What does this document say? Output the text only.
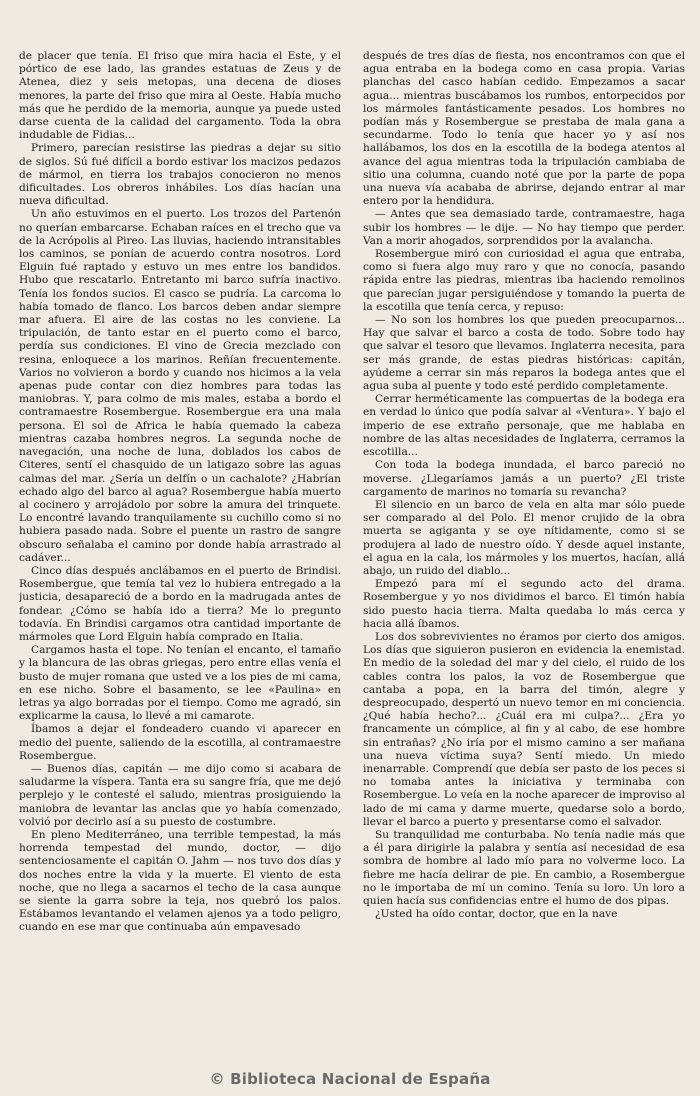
de placer que tenía. El friso que mira hacia el Este, y el pórtico de ese lado, las grandes estatuas de Zeus y de Atenea, diez y seis metopas, una decena de dioses menores, la parte del friso que mira al Oeste. Había mucho más que he perdido de la memoria, aunque ya puede usted darse cuenta de la calidad del cargamento. Toda la obra indudable de Fidias...

Primero, parecían resistirse las piedras a dejar su sitio de siglos. Sú fué difícil a bordo estivar los macizos pedazos de mármol, en tierra los trabajos conocieron no menos dificultades. Los obreros inhábiles. Los días hacían una nueva dificultad.

Un año estuvimos en el puerto. Los trozos del Partenón no querían embarcarse. Echaban raíces en el trecho que va de la Acrópolis al Pireo. Las lluvias, haciendo intransitables los caminos, se ponían de acuerdo contra nosotros. Lord Elguin fué raptado y estuvo un mes entre los bandidos. Hubo que rescatarlo. Entretanto mi barco sufría inactivo. Tenía los fondos sucios. El casco se pudría. La carcoma lo había tomado de flanco. Los barcos deben andar siempre mar afuera. El aire de las costas no les conviene. La tripulación, de tanto estar en el puerto como el barco, perdía sus condiciones. El vino de Grecia mezclado con resina, enloquece a los marinos. Reñían frecuentemente. Varios no volvieron a bordo y cuando nos hicimos a la vela apenas pude contar con diez hombres para todas las maniobras. Y, para colmo de mis males, estaba a bordo el contramaestre Rosembergue. Rosembergue era una mala persona. El sol de Africa le había quemado la cabeza mientras cazaba hombres negros. La segunda noche de navegación, una noche de luna, doblados los cabos de Citeres, sentí el chasquido de un latigazo sobre las aguas calmas del mar. ¿Sería un delfín o un cachalote? ¿Habrían echado algo del barco al agua? Rosembergue había muerto al cocinero y arrojádolo por sobre la amura del trinquete. Lo encontré lavando tranquilamente su cuchillo como si no hubiera pasado nada. Sobre el puente un rastro de sangre obscuro señalaba el camino por donde había arrastrado al cadáver...

Cinco días después anclábamos en el puerto de Brindisi. Rosembergue, que temía tal vez lo hubiera entregado a la justicia, desapareció de a bordo en la madrugada antes de fondear. ¿Cómo se había ido a tierra? Me lo pregunto todavía. En Brindisi cargamos otra cantidad importante de mármoles que Lord Elguin había comprado en Italia.

Cargamos hasta el tope. No tenían el encanto, el tamaño y la blancura de las obras griegas, pero entre ellas venía el busto de mujer romana que usted ve a los pies de mi cama, en ese nicho. Sobre el basamento, se lee «Paulina» en letras ya algo borradas por el tiempo. Como me agradó, sin explicarme la causa, lo llevé a mi camarote.

Íbamos a dejar el fondeadero cuando vi aparecer en medio del puente, saliendo de la escotilla, al contramaestre Rosembergue.

— Buenos días, capitán — me dijo como si acabara de saludarme la víspera. Tanta era su sangre fría, que me dejó perplejo y le contesté el saludo, mientras prosiguiendo la maniobra de levantar las anclas que yo había comenzado, volvió por decirlo así a su puesto de costumbre.

En pleno Mediterráneo, una terrible tempestad, la más horrenda tempestad del mundo, doctor, — dijo sentenciosamente el capitán O. Jahm — nos tuvo dos días y dos noches entre la vida y la muerte. El viento de esta noche, que no llega a sacarnos el techo de la casa aunque se siente la garra sobre la teja, nos quebró los palos. Estábamos levantando el velamen ajenos ya a todo peligro, cuando en ese mar que continuaba aún empavesado

después de tres días de fiesta, nos encontramos con que el agua entraba en la bodega como en casa propia. Varias planchas del casco habían cedido. Empezamos a sacar agua... mientras buscábamos los rumbos, entorpecidos por los mármoles fantásticamente pesados. Los hombres no podían más y Rosembergue se prestaba de mala gana a secundarme. Todo lo tenía que hacer yo y así nos hallábamos, los dos en la escotilla de la bodega atentos al avance del agua mientras toda la tripulación cambiaba de sitio una columna, cuando noté que por la parte de popa una nueva vía acababa de abrirse, dejando entrar al mar entero por la hendidura.

— Antes que sea demasiado tarde, contramaestre, haga subir los hombres — le dije. — No hay tiempo que perder. Van a morir ahogados, sorprendidos por la avalancha.

Rosembergue miró con curiosidad el agua que entraba, como si fuera algo muy raro y que no conocía, pasando rápida entre las piedras, mientras iba haciendo remolinos que parecían jugar persiguiéndose y tomando la puerta de la escotilla que tenía cerca, y repuso:

— No son los hombres los que pueden preocuparnos... Hay que salvar el barco a costa de todo. Sobre todo hay que salvar el tesoro que llevamos. Inglaterra necesita, para ser más grande, de estas piedras históricas: capitán, ayúdeme a cerrar sin más reparos la bodega antes que el agua suba al puente y todo esté perdido completamente.

Cerrar herméticamente las compuertas de la bodega era en verdad lo único que podía salvar al «Ventura». Y bajo el imperio de ese extraño personaje, que me hablaba en nombre de las altas necesidades de Inglaterra, cerramos la escotilla...

Con toda la bodega inundada, el barco pareció no moverse. ¿Llegaríamos jamás a un puerto? ¿El triste cargamento de marinos no tomaría su revancha?

El silencio en un barco de vela en alta mar sólo puede ser comparado al del Polo. El menor crujido de la obra muerta se agiganta y se oye nítidamente, como si se produjera al lado de nuestro oído. Y desde aquel instante, el agua en la cala, los mármoles y los muertos, hacían, allá abajo, un ruido del diablo...

Empezó para mí el segundo acto del drama. Rosembergue y yo nos dividimos el barco. El timón había sido puesto hacia tierra. Malta quedaba lo más cerca y hacia allá íbamos.

Los dos sobrevivientes no éramos por cierto dos amigos. Los días que siguieron pusieron en evidencia la enemistad. En medio de la soledad del mar y del cielo, el ruido de los cables contra los palos, la voz de Rosembergue que cantaba a popa, en la barra del timón, alegre y despreocupado, despertó un nuevo temor en mi conciencia. ¿Qué había hecho?... ¿Cuál era mi culpa?... ¿Era yo francamente un cómplice, al fin y al cabo, de ese hombre sin entrañas? ¿No iría por el mismo camino a ser mañana una nueva víctima suya? Sentí miedo. Un miedo inenarrable. Comprendí que debía ser pasto de los peces si no tomaba antes la iniciativa y terminaba con Rosembergue. Lo veía en la noche aparecer de improviso al lado de mi cama y darme muerte, quedarse solo a bordo, llevar el barco a puerto y presentarse como el salvador.

Su tranquilidad me conturbaba. No tenía nadie más que a él para dirigirle la palabra y sentía así necesidad de esa sombra de hombre al lado mío para no volverme loco. La fiebre me hacía delirar de pie. En cambio, a Rosembergue no le importaba de mí un comino. Tenía su loro. Un loro a quien hacía sus confidencias entre el humo de dos pipas.

¿Usted ha oído contar, doctor, que en la nave

© Biblioteca Nacional de España
